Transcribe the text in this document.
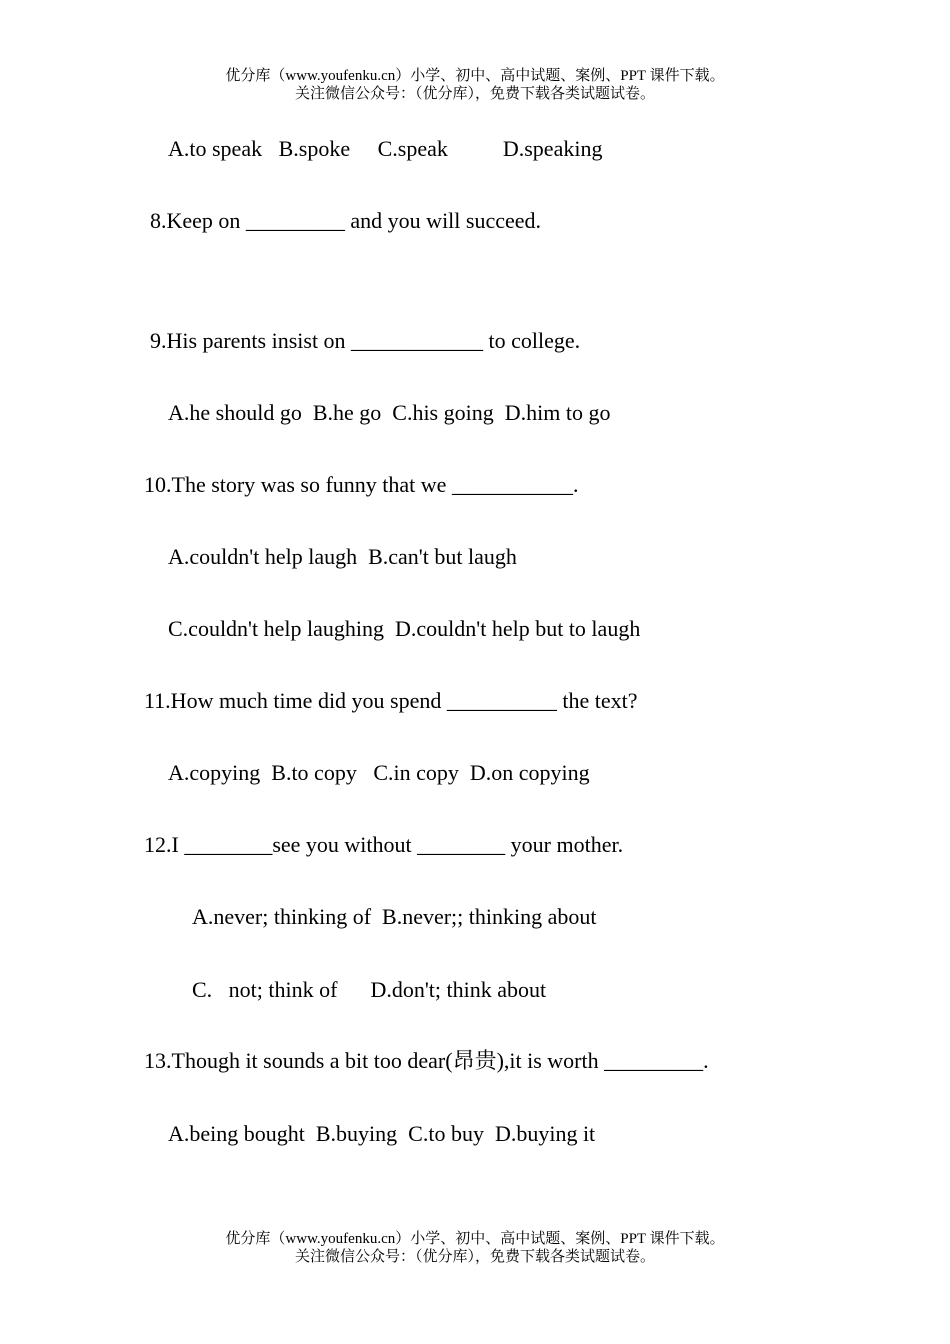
优分库（www.youfenku.cn）小学、初中、高中试题、案例、PPT 课件下载。
关注微信公众号：（优分库），免费下载各类试题试卷。
A.to speak   B.spoke     C.speak          D.speaking
8.Keep on _________ and you will succeed.
9.His parents insist on ____________ to college.
A.he should go  B.he go  C.his going  D.him to go
10.The story was so funny that we ___________.
A.couldn't help laugh  B.can't but laugh
C.couldn't help laughing  D.couldn't help but to laugh
11.How much time did you spend __________ the text?
A.copying  B.to copy   C.in copy  D.on copying
12.I ________see you without ________ your mother.
A.never; thinking of  B.never;; thinking about
C.   not; think of      D.don't; think about
13.Though it sounds a bit too dear(昂贵),it is worth _________.
A.being bought  B.buying  C.to buy  D.buying it
优分库（www.youfenku.cn）小学、初中、高中试题、案例、PPT 课件下载。
关注微信公众号：（优分库），免费下载各类试题试卷。
